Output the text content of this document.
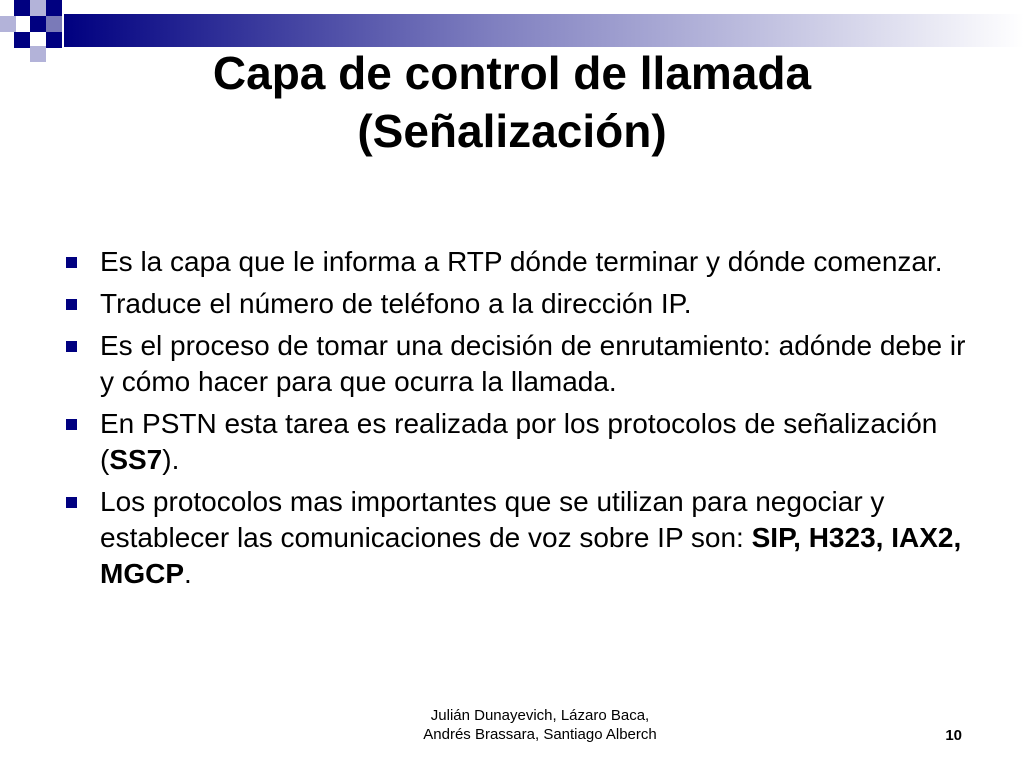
Capa de control de llamada
(Señalización)
Es la capa que le informa a RTP dónde terminar y dónde comenzar.
Traduce el número de teléfono a la dirección IP.
Es el proceso de tomar una decisión de enrutamiento: adónde debe ir y cómo hacer para que ocurra la llamada.
En PSTN esta tarea es realizada por los protocolos de señalización (SS7).
Los protocolos mas importantes que se utilizan para negociar y establecer las comunicaciones de voz sobre IP son: SIP, H323, IAX2, MGCP.
Julián Dunayevich, Lázaro Baca,
Andrés Brassara, Santiago Alberch	10
